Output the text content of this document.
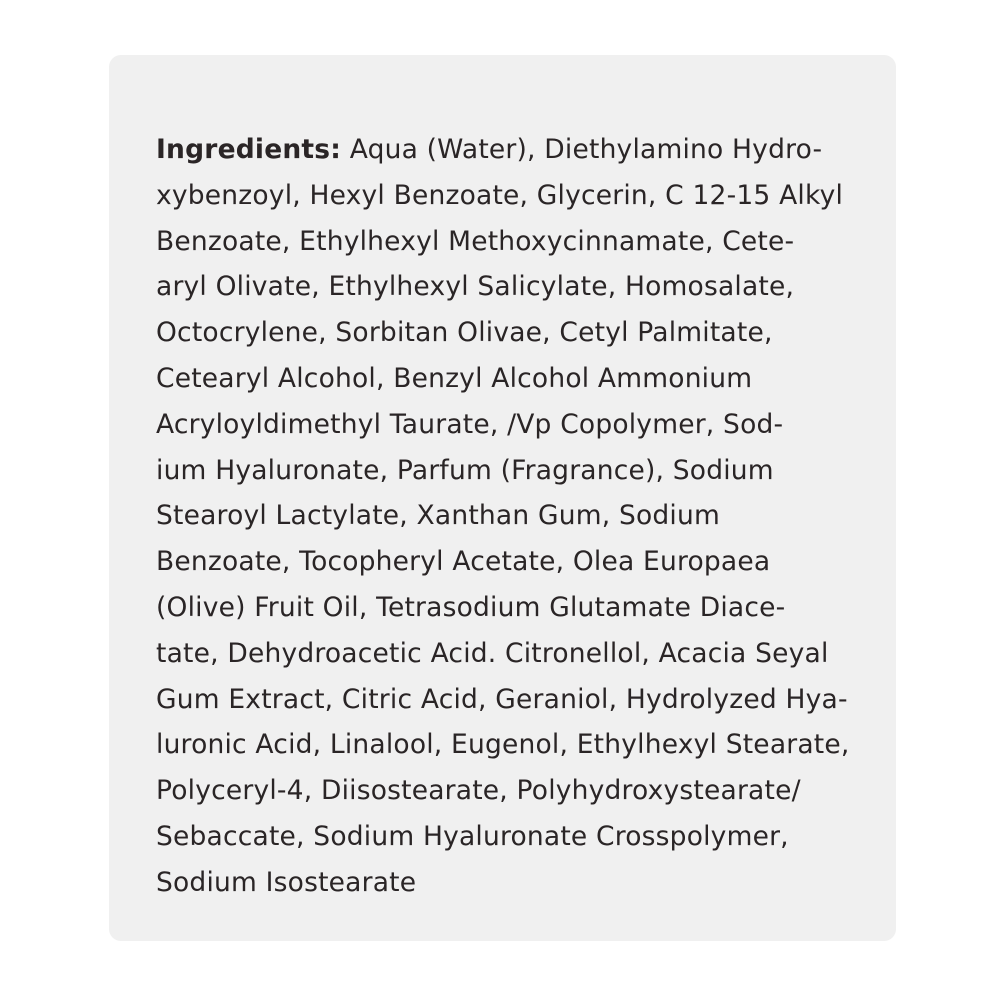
Ingredients: Aqua (Water), Diethylamino Hydro-
xybenzoyl, Hexyl Benzoate, Glycerin, C 12-15 Alkyl
Benzoate, Ethylhexyl Methoxycinnamate, Cete-
aryl Olivate, Ethylhexyl Salicylate, Homosalate,
Octocrylene, Sorbitan Olivae, Cetyl Palmitate,
Cetearyl Alcohol, Benzyl Alcohol Ammonium
Acryloyldimethyl Taurate, /Vp Copolymer, Sod-
ium Hyaluronate, Parfum (Fragrance), Sodium
Stearoyl Lactylate, Xanthan Gum, Sodium
Benzoate, Tocopheryl Acetate, Olea Europaea
(Olive) Fruit Oil, Tetrasodium Glutamate Diace-
tate, Dehydroacetic Acid. Citronellol, Acacia Seyal
Gum Extract, Citric Acid, Geraniol, Hydrolyzed Hya-
luronic Acid, Linalool, Eugenol, Ethylhexyl Stearate,
Polyceryl-4, Diisostearate, Polyhydroxystearate/
Sebaccate, Sodium Hyaluronate Crosspolymer,
Sodium Isostearate
